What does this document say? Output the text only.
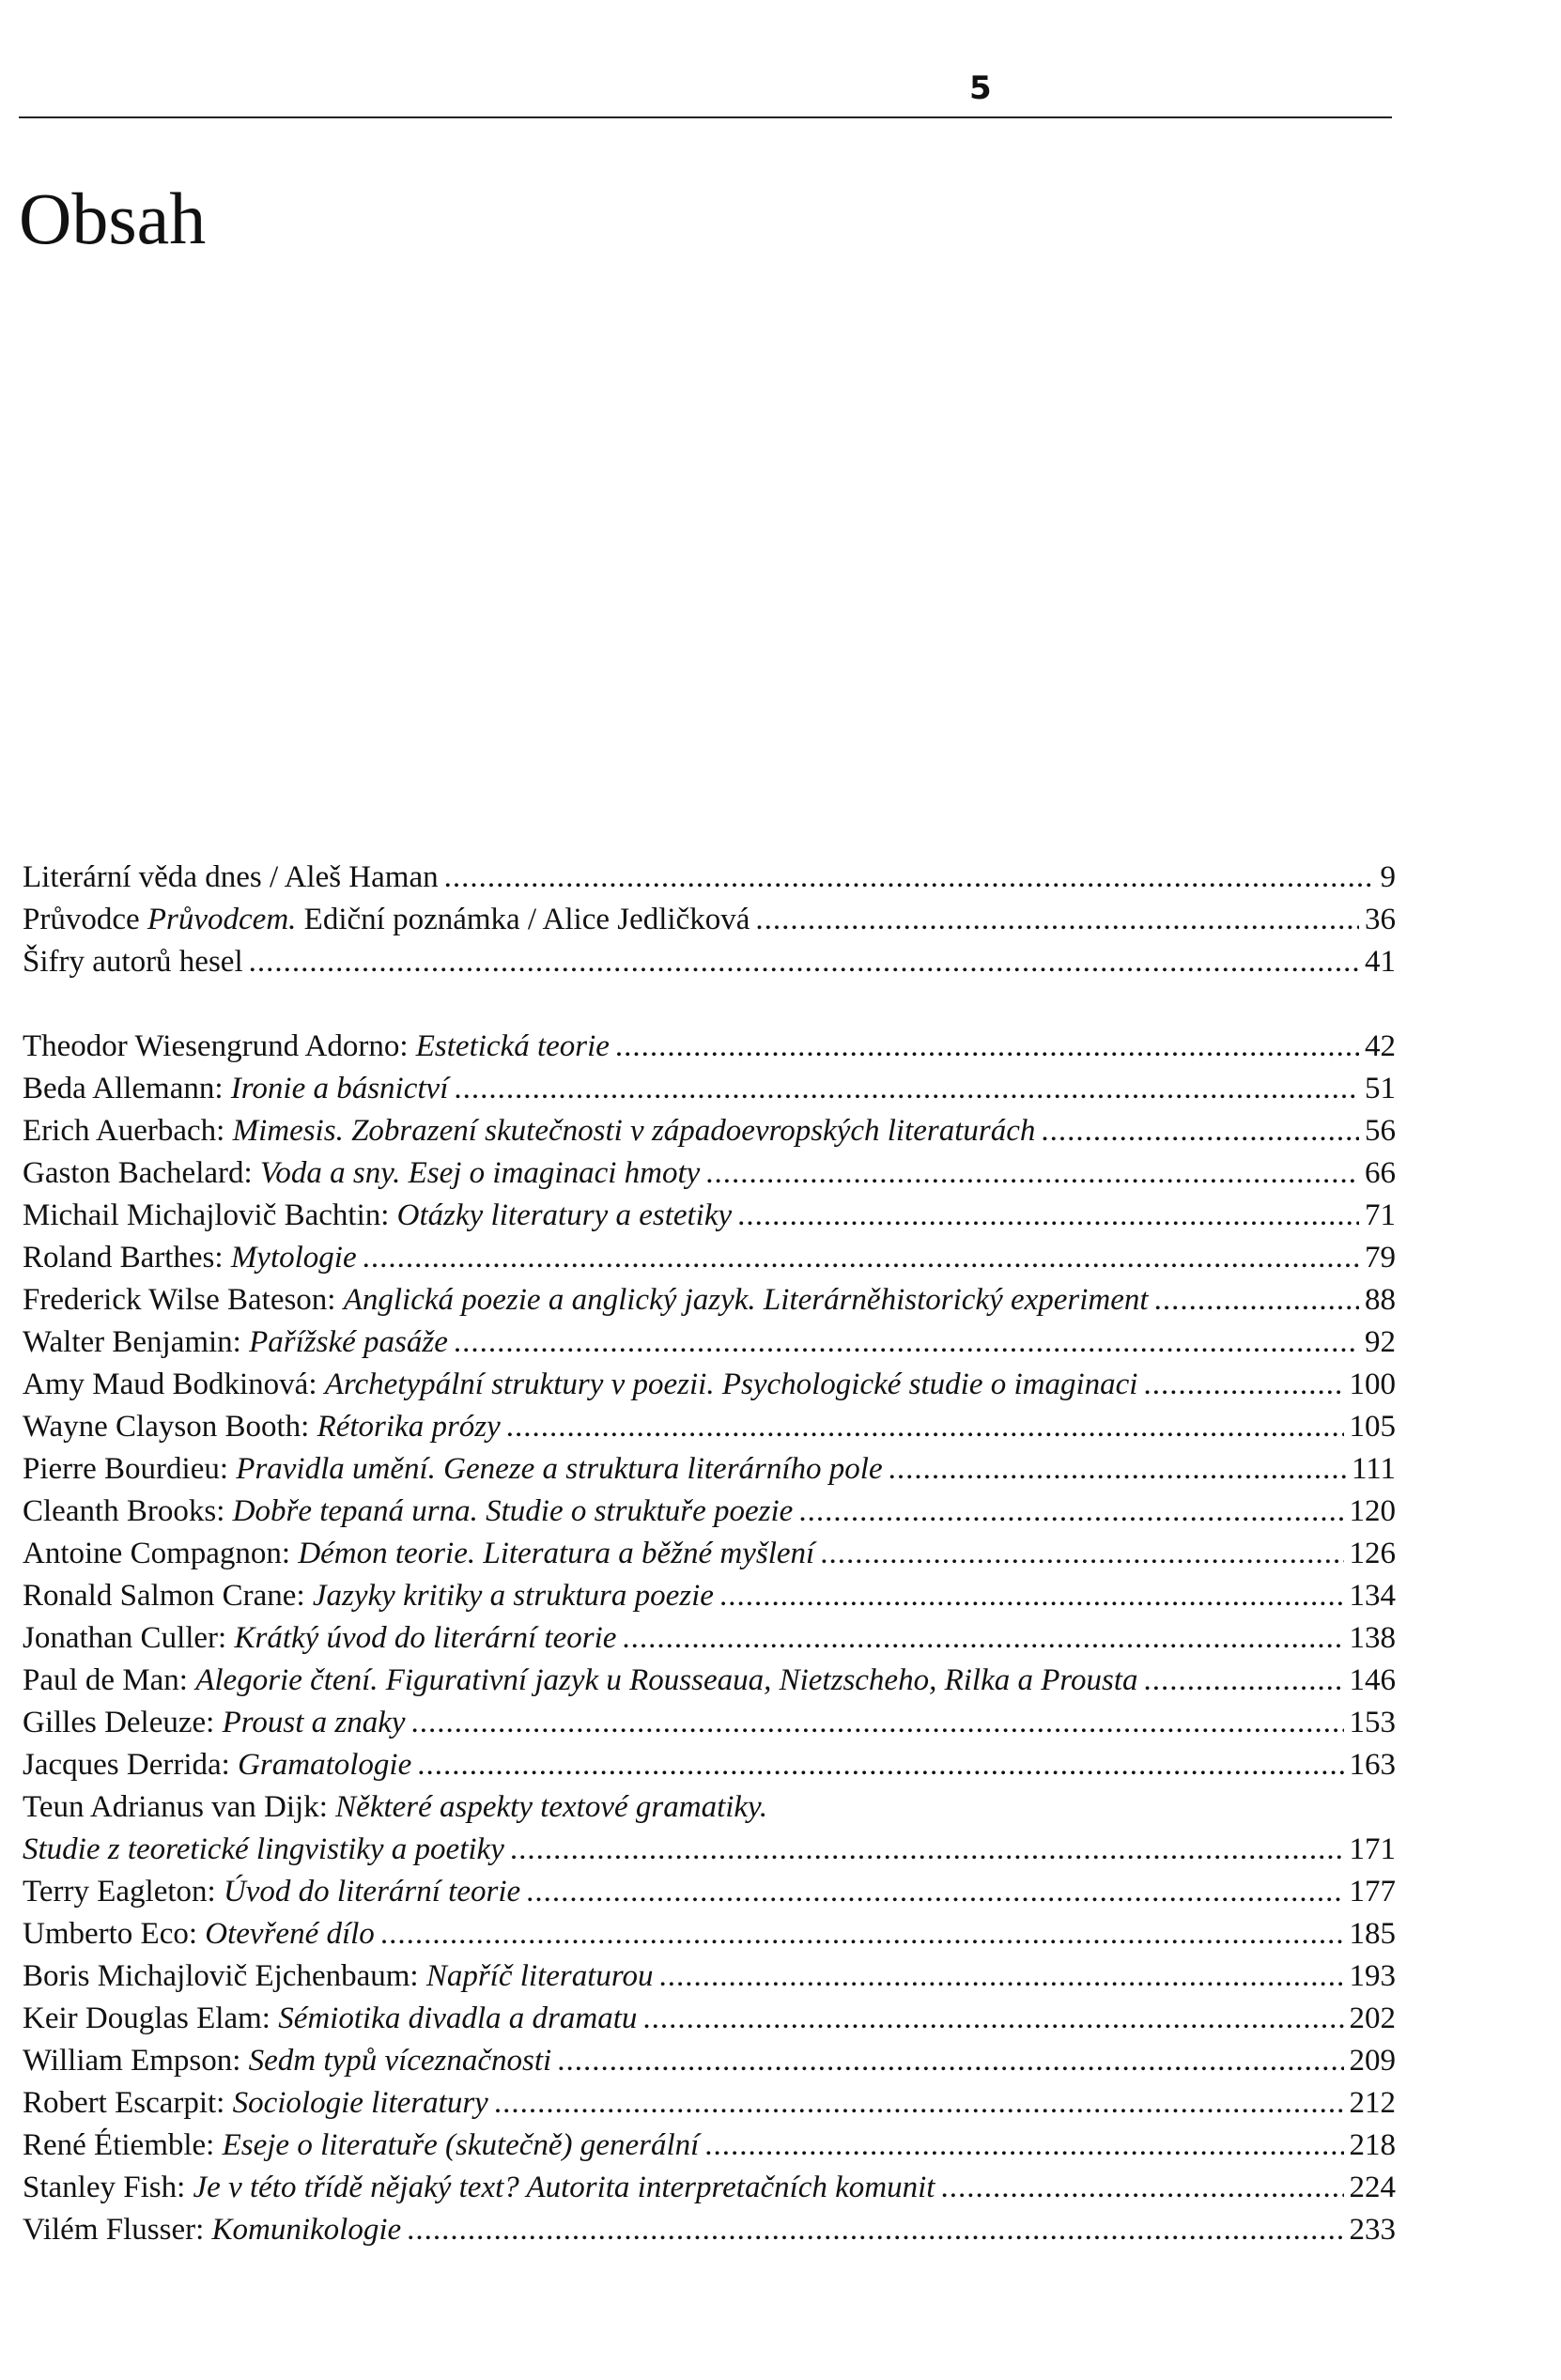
5
Obsah
Literární věda dnes / Aleš Haman .....	9
Průvodce Průvodcem. Ediční poznámka / Alice Jedličková .....	36
Šifry autorů hesel .....	41
Theodor Wiesengrund Adorno: Estetická teorie .....	42
Beda Allemann: Ironie a básnictví .....	51
Erich Auerbach: Mimesis. Zobrazení skutečnosti v západoevropských literaturách .....	56
Gaston Bachelard: Voda a sny. Esej o imaginaci hmoty .....	66
Michail Michajlovič Bachtin: Otázky literatury a estetiky .....	71
Roland Barthes: Mytologie .....	79
Frederick Wilse Bateson: Anglická poezie a anglický jazyk. Literárněhistorický experiment .....	88
Walter Benjamin: Pařížské pasáže .....	92
Amy Maud Bodkinová: Archetypální struktury v poezii. Psychologické studie o imaginaci .....	100
Wayne Clayson Booth: Rétorika prózy .....	105
Pierre Bourdieu: Pravidla umění. Geneze a struktura literárního pole .....	111
Cleanth Brooks: Dobře tepaná urna. Studie o struktuře poezie .....	120
Antoine Compagnon: Démon teorie. Literatura a běžné myšlení .....	126
Ronald Salmon Crane: Jazyky kritiky a struktura poezie .....	134
Jonathan Culler: Krátký úvod do literární teorie .....	138
Paul de Man: Alegorie čtení. Figurativní jazyk u Rousseaua, Nietzscheho, Rilka a Prousta .....	146
Gilles Deleuze: Proust a znaky .....	153
Jacques Derrida: Gramatologie .....	163
Teun Adrianus van Dijk: Některé aspekty textové gramatiky.
Studie z teoretické lingvistiky a poetiky .....	171
Terry Eagleton: Úvod do literární teorie .....	177
Umberto Eco: Otevřené dílo .....	185
Boris Michajlovič Ejchenbaum: Napříč literaturou .....	193
Keir Douglas Elam: Sémiotika divadla a dramatu .....	202
William Empson: Sedm typů víceznačnosti .....	209
Robert Escarpit: Sociologie literatury .....	212
René Étiemble: Eseje o literatuře (skutečně) generální .....	218
Stanley Fish: Je v této třídě nějaký text? Autorita interpretačních komunit .....	224
Vilém Flusser: Komunikologie .....	233
